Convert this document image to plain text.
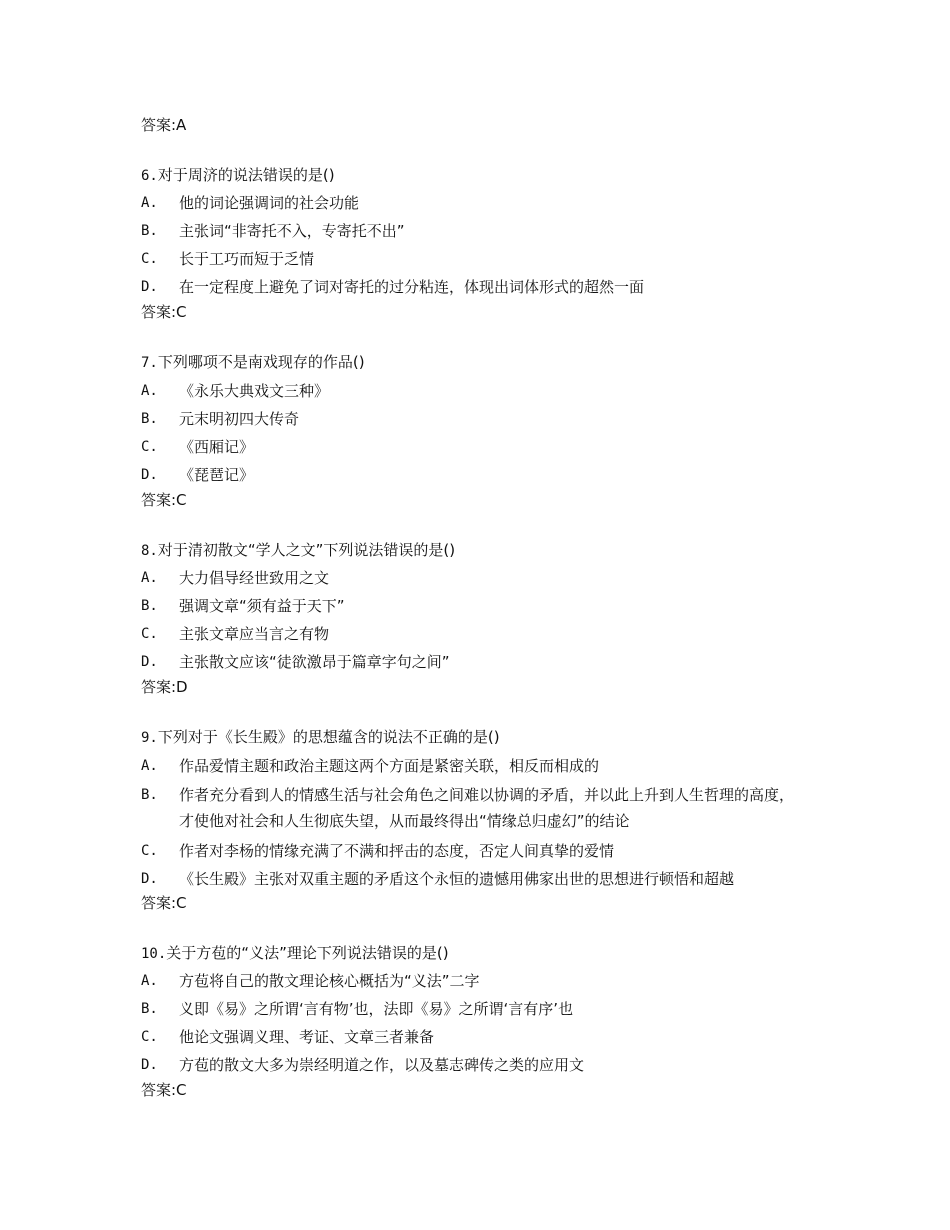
答案:A
6.对于周济的说法错误的是()
A. 他的词论强调词的社会功能
B. 主张词“非寄托不入，专寄托不出”
C. 长于工巧而短于乏情
D. 在一定程度上避免了词对寄托的过分粘连，体现出词体形式的超然一面
答案:C
7.下列哪项不是南戏现存的作品()
A. 《永乐大典戏文三种》
B. 元末明初四大传奇
C. 《西厢记》
D. 《琵琶记》
答案:C
8.对于清初散文“学人之文”下列说法错误的是()
A. 大力倡导经世致用之文
B. 强调文章“须有益于天下”
C. 主张文章应当言之有物
D. 主张散文应该“徒欲激昂于篇章字句之间”
答案:D
9.下列对于《长生殿》的思想蕴含的说法不正确的是()
A. 作品爱情主题和政治主题这两个方面是紧密关联，相反而相成的
B. 作者充分看到人的情感生活与社会角色之间难以协调的矛盾，并以此上升到人生哲理的高度，才使他对社会和人生彻底失望，从而最终得出“情缘总归虚幻”的结论
C. 作者对李杨的情缘充满了不满和抨击的态度，否定人间真挚的爱情
D. 《长生殿》主张对双重主题的矛盾这个永恒的遗憾用佛家出世的思想进行顿悟和超越
答案:C
10.关于方苞的“义法”理论下列说法错误的是()
A. 方苞将自己的散文理论核心概括为“义法”二字
B. 义即《易》之所谓‘言有物’也，法即《易》之所谓‘言有序’也
C. 他论文强调义理、考证、文章三者兼备
D. 方苞的散文大多为崇经明道之作，以及墓志碑传之类的应用文
答案:C
